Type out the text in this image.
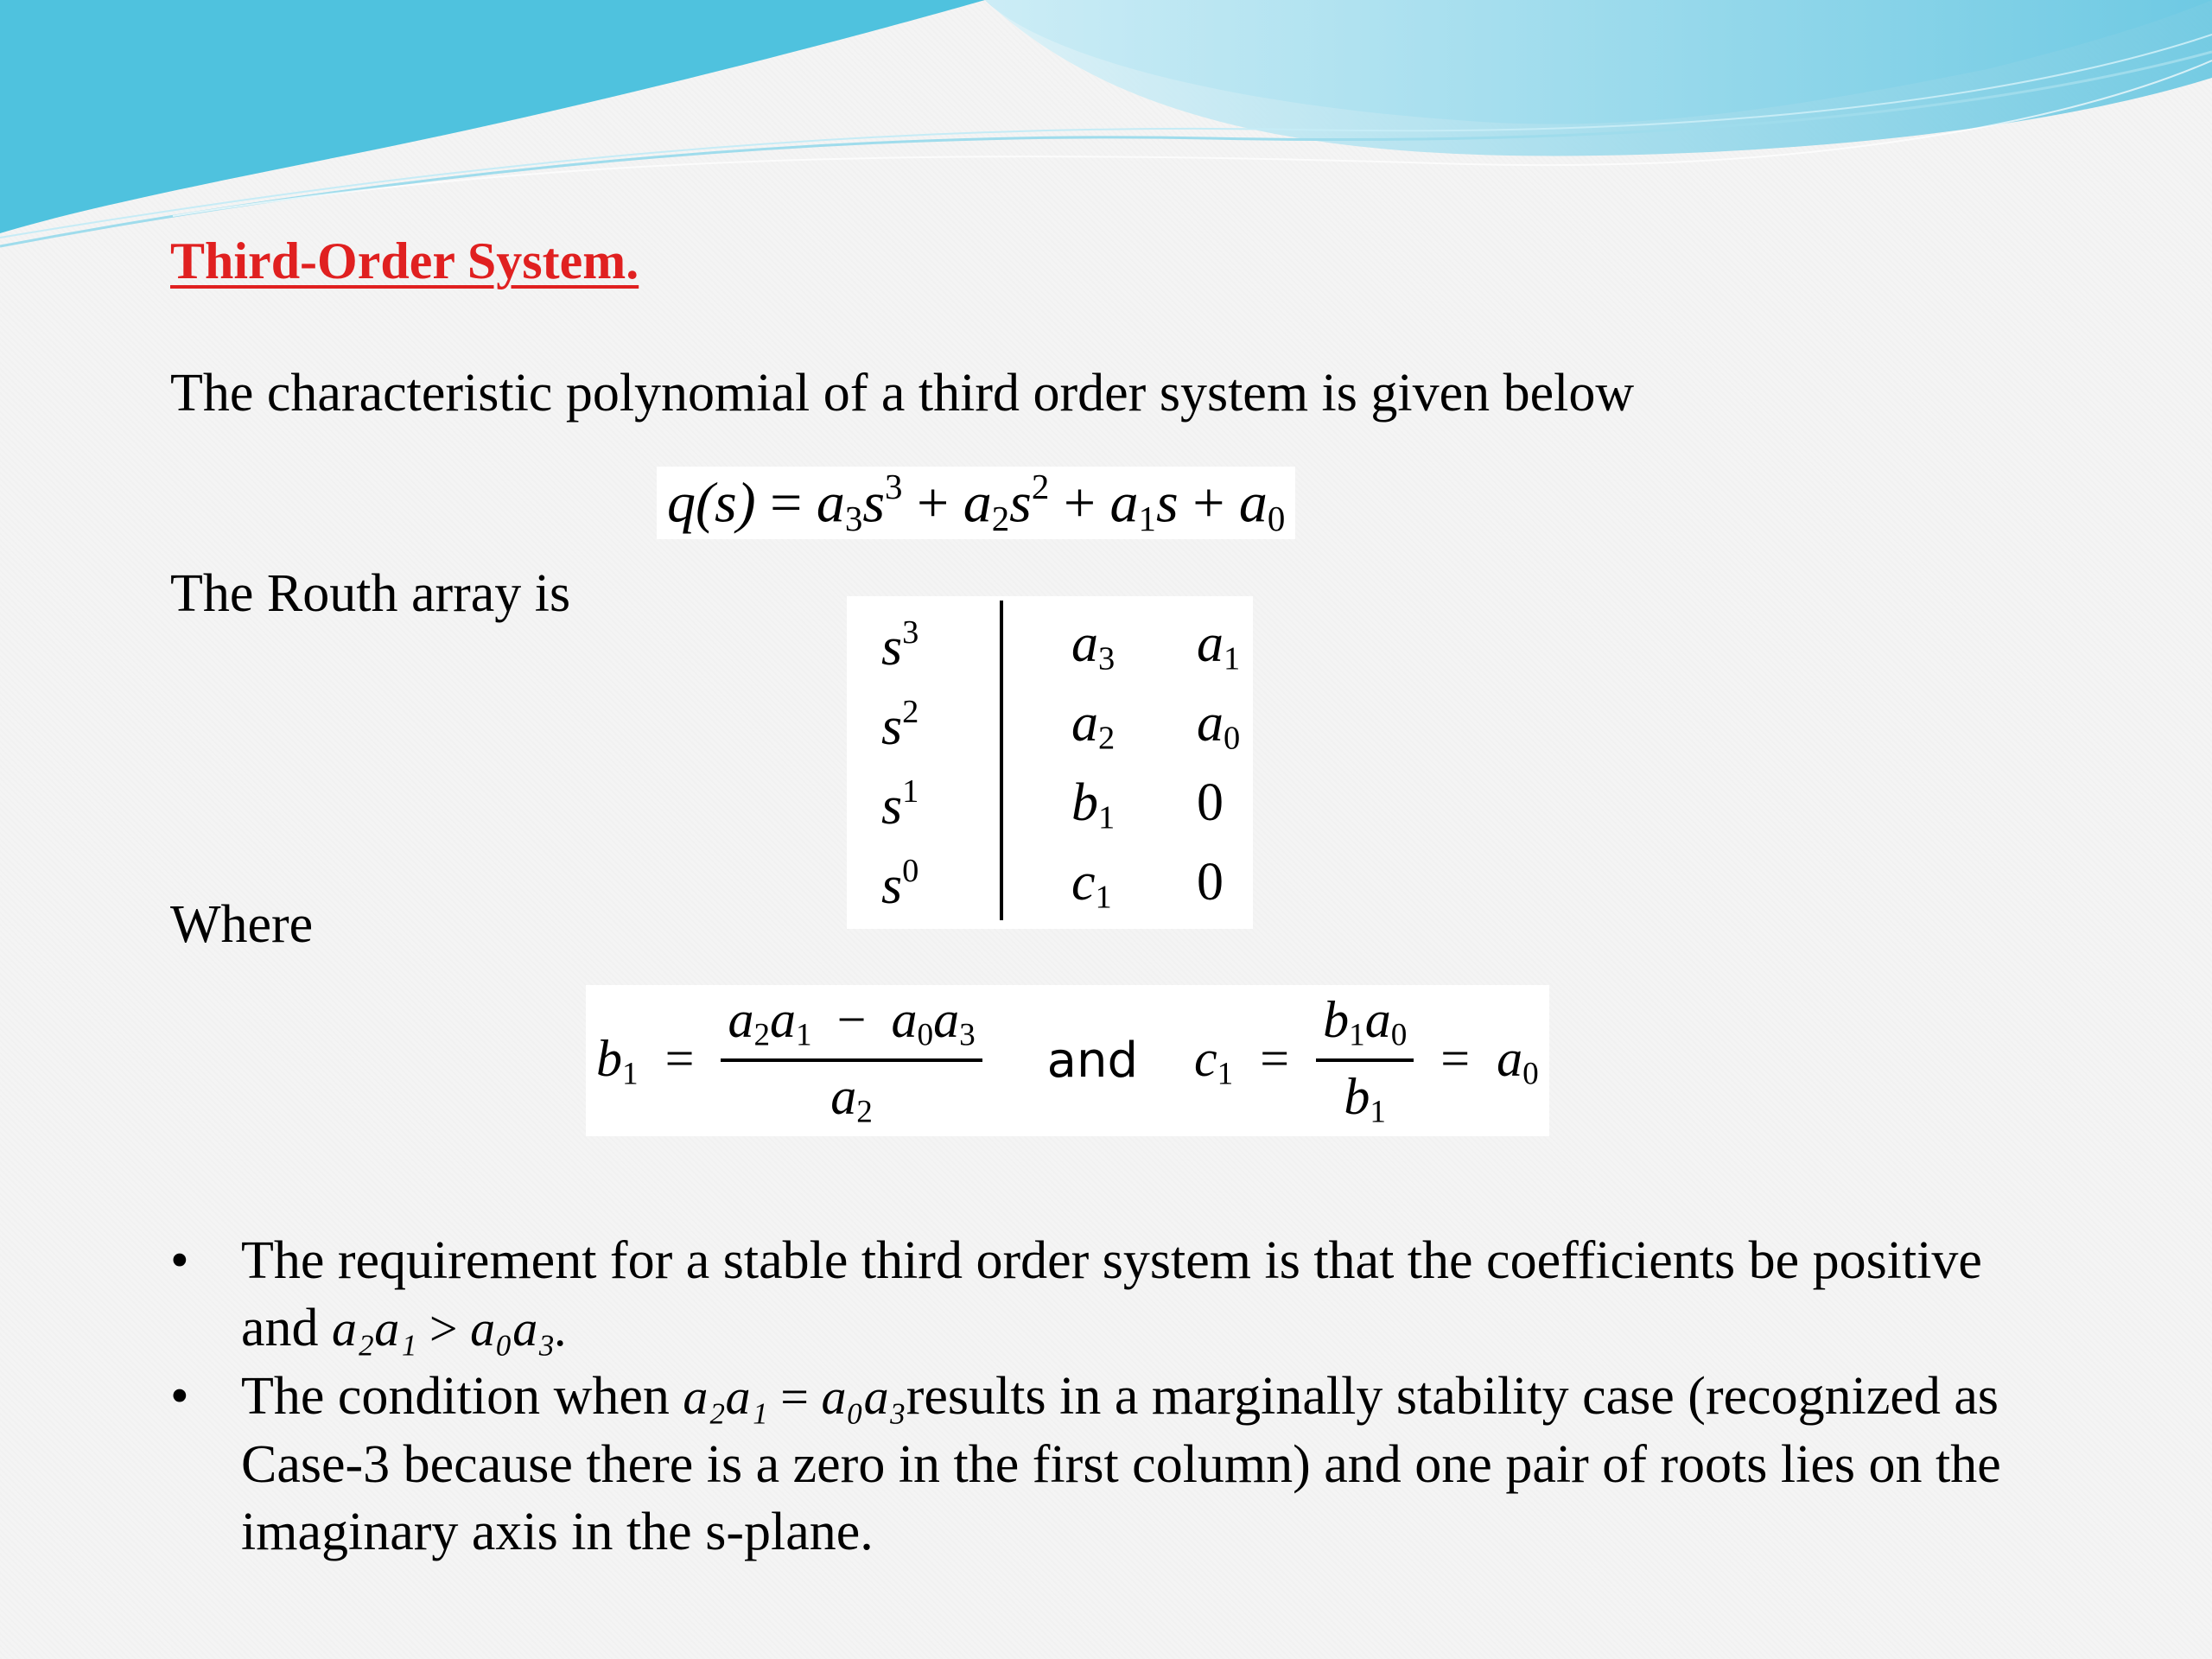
Third-Order System.
The characteristic polynomial of a third order system is given below
$q(s) = a_3s^3 + a_2s^2 + a_1s + a_0$
The Routh array is
$s^3$	$a_3$ $a_1$
$s^2$	$a_2$ $a_0$
$s^1$	$b_1$ 0
$s^0$	$c_1$ 0
Where
$b_1 = \frac{a_2a_1 - a_0a_3}{a_2}$ and $c_1 = \frac{b_1a_0}{b_1} = a_0$
• The requirement for a stable third order system is that the coefficients be positive and a₂a₁ > a₀a₃.
• The condition when a₂a₁ = a₀a₃results in a marginally stability case (recognized as Case-3 because there is a zero in the first column) and one pair of roots lies on the imaginary axis in the s-plane.
